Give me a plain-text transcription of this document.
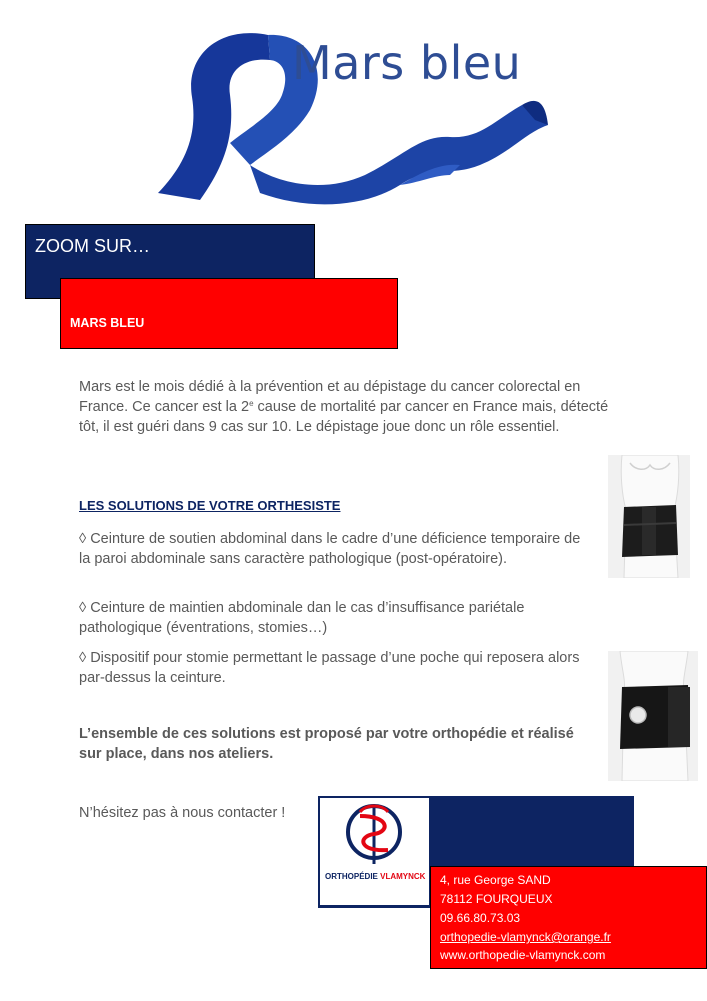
Mars bleu
ZOOM SUR…
MARS BLEU

Mars est le mois dédié à la prévention et au dépistage du cancer colorectal en France. Ce cancer est la 2e cause de mortalité par cancer en France mais, détecté tôt, il est guéri dans 9 cas sur 10. Le dépistage joue donc un rôle essentiel.

LES SOLUTIONS DE VOTRE ORTHESISTE

◊ Ceinture de soutien abdominal dans le cadre d’une déficience temporaire de la paroi abdominale sans caractère pathologique (post-opératoire).

◊ Ceinture de maintien abdominale dan le cas d’insuffisance pariétale pathologique (éventrations, stomies…)

◊ Dispositif pour stomie permettant le passage d’une poche qui reposera alors par-dessus la ceinture.

L’ensemble de ces solutions est proposé par votre orthopédie et réalisé sur place, dans nos ateliers.

N’hésitez pas à nous contacter !

ORTHOPÉDIE VLAMYNCK 4, rue George SAND
78112 FOURQUEUX
09.66.80.73.03
orthopedie-vlamynck@orange.fr
www.orthopedie-vlamynck.com
